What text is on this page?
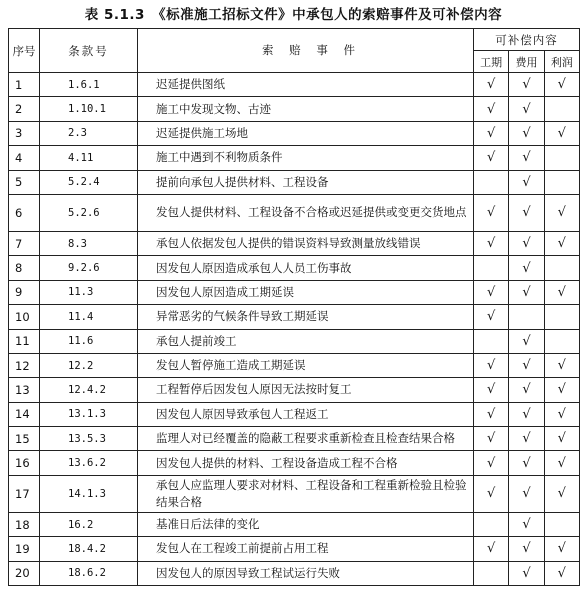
表 5.1.3　《标准施工招标文件》中承包人的索赔事件及可补偿内容
序号	条款号	索 赔 事 件	可补偿内容		
			工期	费用	利润
1	1.6.1	迟延提供图纸	√	√	√
2	1.10.1	施工中发现文物、古迹	√	√	
3	2.3	迟延提供施工场地	√	√	√
4	4.11	施工中遇到不利物质条件	√	√	
5	5.2.4	提前向承包人提供材料、工程设备		√	
6	5.2.6	发包人提供材料、工程设备不合格或迟延提供或变更交货地点	√	√	√
7	8.3	承包人依据发包人提供的错误资料导致测量放线错误	√	√	√
8	9.2.6	因发包人原因造成承包人人员工伤事故		√	
9	11.3	因发包人原因造成工期延误	√	√	√
10	11.4	异常恶劣的气候条件导致工期延误	√		
11	11.6	承包人提前竣工		√	
12	12.2	发包人暂停施工造成工期延误	√	√	√
13	12.4.2	工程暂停后因发包人原因无法按时复工	√	√	√
14	13.1.3	因发包人原因导致承包人工程返工	√	√	√
15	13.5.3	监理人对已经覆盖的隐蔽工程要求重新检查且检查结果合格	√	√	√
16	13.6.2	因发包人提供的材料、工程设备造成工程不合格	√	√	√
17	14.1.3	承包人应监理人要求对材料、工程设备和工程重新检验且检验结果合格	√	√	√
18	16.2	基准日后法律的变化		√	
19	18.4.2	发包人在工程竣工前提前占用工程	√	√	√
20	18.6.2	因发包人的原因导致工程试运行失败		√	√
